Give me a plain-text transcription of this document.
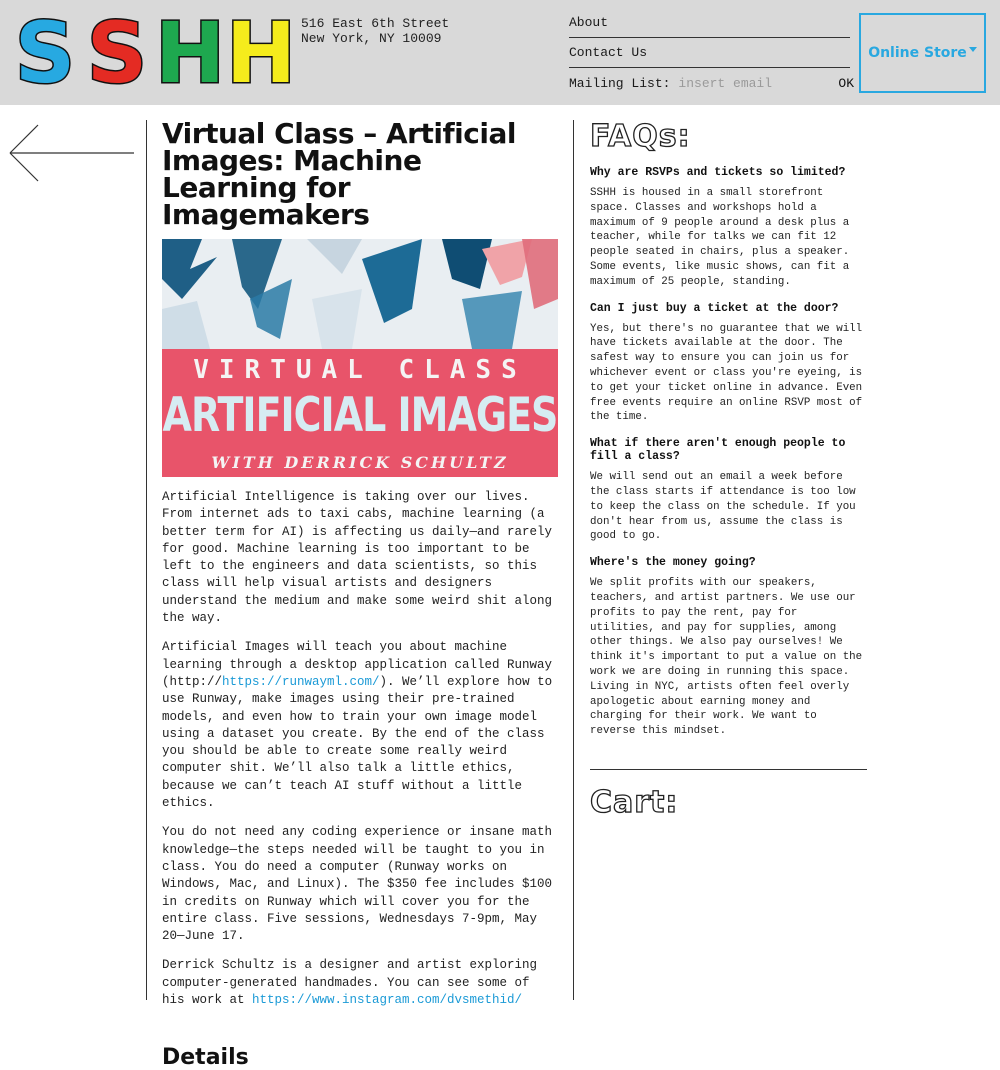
S S H H 516 East 6th Street
New York, NY 10009
About
Contact Us
Mailing List:
insert email	OK
Online Store
Virtual Class – Artificial Images: Machine Learning for Imagemakers
VIRTUAL CLASS
ARTIFICIAL IMAGES
WITH DERRICK SCHULTZ

Artificial Intelligence is taking over our lives. From internet ads to taxi cabs, machine learning (a better term for AI) is affecting us daily—and rarely for good. Machine learning is too important to be left to the engineers and data scientists, so this class will help visual artists and designers understand the medium and make some weird shit along the way.

Artificial Images will teach you about machine learning through a desktop application called Runway (http://https://runwayml.com/). We’ll explore how to use Runway, make images using their pre-trained models, and even how to train your own image model using a dataset you create. By the end of the class you should be able to create some really weird computer shit. We’ll also talk a little ethics, because we can’t teach AI stuff without a little ethics.

You do not need any coding experience or insane math knowledge—the steps needed will be taught to you in class. You do need a computer (Runway works on Windows, Mac, and Linux). The $350 fee includes $100 in credits on Runway which will cover you for the entire class. Five sessions, Wednesdays 7-9pm, May 20—June 17.

Derrick Schultz is a designer and artist exploring computer-generated handmades. You can see some of his work at https://www.instagram.com/dvsmethid/

Details
FAQs:
Why are RSVPs and tickets so limited?
SSHH is housed in a small storefront space. Classes and workshops hold a maximum of 9 people around a desk plus a teacher, while for talks we can fit 12 people seated in chairs, plus a speaker. Some events, like music shows, can fit a maximum of 25 people, standing.
Can I just buy a ticket at the door?
Yes, but there's no guarantee that we will have tickets available at the door. The safest way to ensure you can join us for whichever event or class you're eyeing, is to get your ticket online in advance. Even free events require an online RSVP most of the time.
What if there aren't enough people to fill a class?
We will send out an email a week before the class starts if attendance is too low to keep the class on the schedule. If you don't hear from us, assume the class is good to go.
Where's the money going?
We split profits with our speakers, teachers, and artist partners. We use our profits to pay the rent, pay for utilities, and pay for supplies, among other things. We also pay ourselves! We think it's important to put a value on the work we are doing in running this space. Living in NYC, artists often feel overly apologetic about earning money and charging for their work. We want to reverse this mindset.
Cart:
